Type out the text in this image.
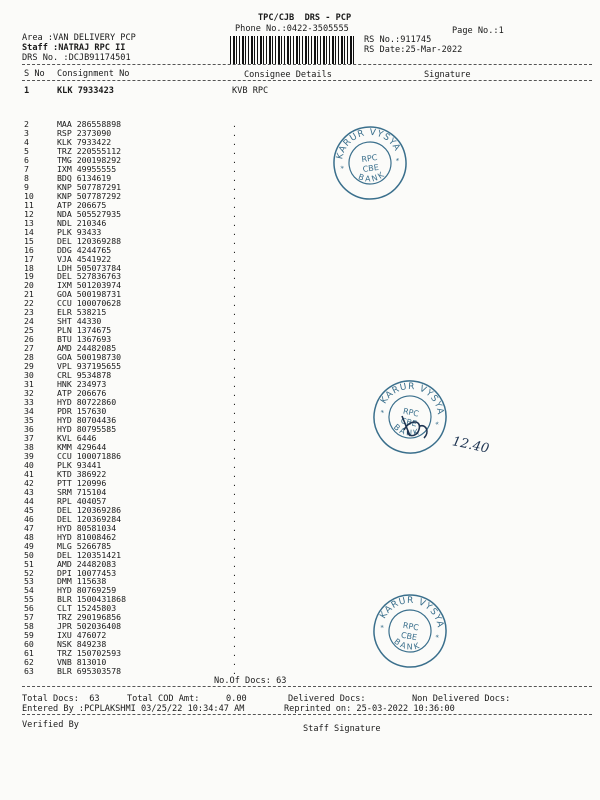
TPC/CJB  DRS - PCP
Phone No.:0422-3505555	Page No.:1
Area :VAN DELIVERY PCP
Staff :NATRAJ RPC II
DRS No. :DCJB91174501
RS No.:911745
RS Date:25-Mar-2022
S No Consignment No	Consignee Details	Signature
1	KLK 7933423	KVB RPC
2	MAA 286558898	.
3	RSP 2373090	.
4	KLK 7933422	.
5	TRZ 220555112	.
6	TMG 200198292	.
7	IXM 49955555	.
8	BDQ 6134619	.
9	KNP 507787291	.
10	KNP 507787292	.
11	ATP 206675	.
12	NDA 505527935	.
13	NDL 210346	.
14	PLK 93433	.
15	DEL 120369288	.
16	DDG 4244765	.
17	VJA 4541922	.
18	LDH 505073784	.
19	DEL 527836763	.
20	IXM 501203974	.
21	GOA 500198731	.
22	CCU 100070628	.
23	ELR 538215	.
24	SHT 44330	.
25	PLN 1374675	.
26	BTU 1367693	.
27	AMD 24482085	.
28	GOA 500198730	.
29	VPL 937195655	.
30	CRL 9534878	.
31	HNK 234973	.
32	ATP 206676	.
33	HYD 80722860	.
34	PDR 157630	.
35	HYD 80704436	.
36	HYD 80795585	.
37	KVL 6446	.
38	KMM 429644	.
39	CCU 100071886	.
40	PLK 93441	.
41	KTD 386922	.
42	PTT 120996	.
43	SRM 715104	.
44	RPL 404057	.
45	DEL 120369286	.
46	DEL 120369284	.
47	HYD 80581034	.
48	HYD 81008462	.
49	MLG 5266785	.
50	DEL 120351421	.
51	AMD 24482083	.
52	DPI 10077453	.
53	DMM 115638	.
54	HYD 80769259	.
55	BLR 1500431868	.
56	CLT 15245803	.
57	TRZ 290196856	.
58	JPR 502036408	.
59	IXU 476072	.
60	NSK 849238	.
61	TRZ 150702593	.
62	VNB 813010	.
63	BLR 695303578	.
No.Of Docs: 63
Total Docs:  63	Total COD Amt:	0.00	Delivered Docs:	Non Delivered Docs:
Entered By :PCPLAKSHMI 03/25/22 10:34:47 AM	Reprinted on: 25-03-2022 10:36:00
Verified By	Staff Signature
KARUR VYSYA
BANK
RPC
CBE
*
*
KARUR VYSYA
BANK
RPC
CBE
*
*
KARUR VYSYA
BANK
RPC
CBE
*
*
12.40
